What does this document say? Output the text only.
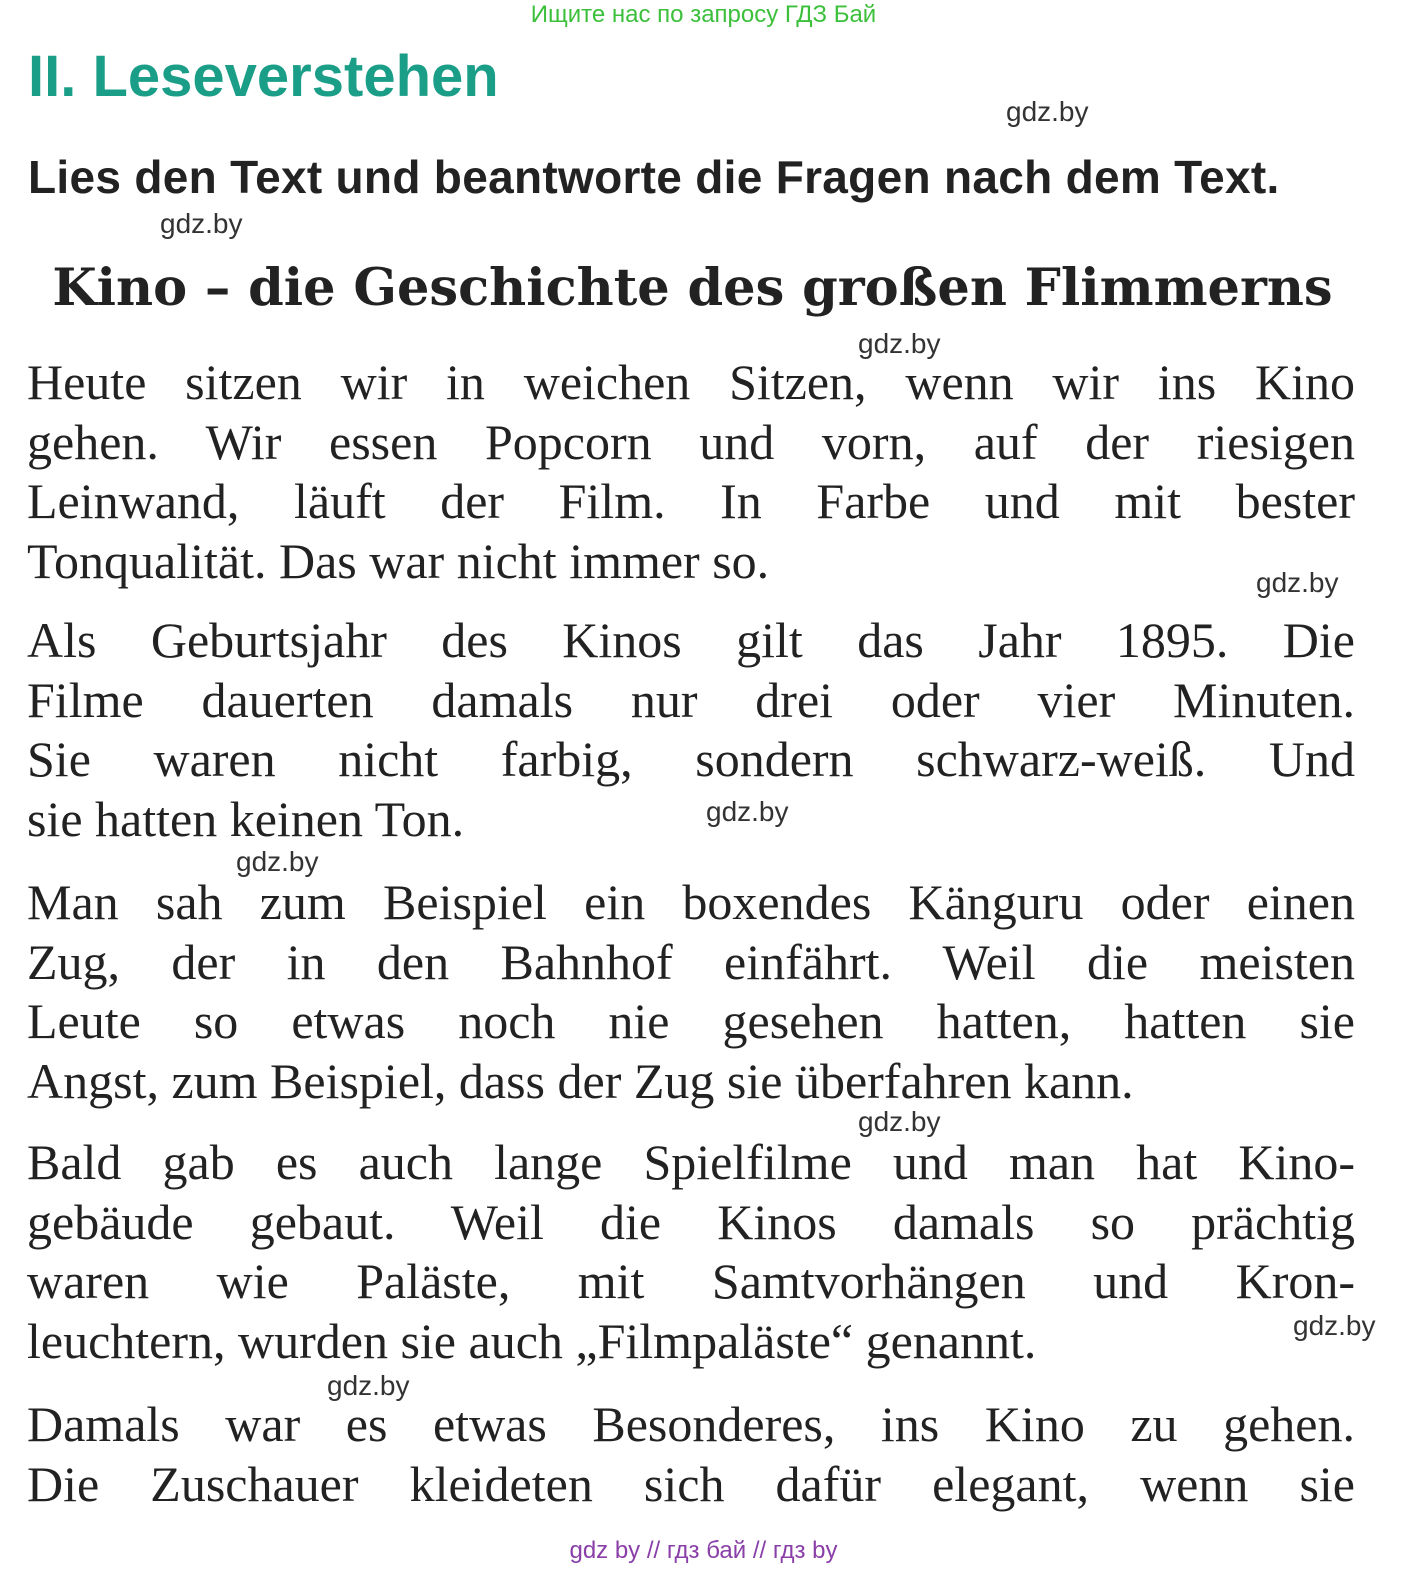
Ищите нас по запросу ГДЗ Бай
II. Leseverstehen
gdz.by
Lies den Text und beantworte die Fragen nach dem Text.
gdz.by
Kino – die Geschichte des großen Flimmerns
gdz.by
Heute sitzen wir in weichen Sitzen, wenn wir ins Kino
gehen. Wir essen Popcorn und vorn, auf der riesigen
Leinwand, läuft der Film. In Farbe und mit bester
Tonqualität. Das war nicht immer so.	gdz.by
Als Geburtsjahr des Kinos gilt das Jahr 1895. Die
Filme dauerten damals nur drei oder vier Minuten.
Sie waren nicht farbig, sondern schwarz-weiß. Und
sie hatten keinen Ton.	gdz.by
gdz.by
Man sah zum Beispiel ein boxendes Känguru oder einen
Zug, der in den Bahnhof einfährt. Weil die meisten
Leute so etwas noch nie gesehen hatten, hatten sie
Angst, zum Beispiel, dass der Zug sie überfahren kann.
gdz.by
Bald gab es auch lange Spielfilme und man hat Kino-
gebäude gebaut. Weil die Kinos damals so prächtig
waren wie Paläste, mit Samtvorhängen und Kron-
leuchtern, wurden sie auch „Filmpaläste“ genannt.	gdz.by
gdz.by
Damals war es etwas Besonderes, ins Kino zu gehen.
Die Zuschauer kleideten sich dafür elegant, wenn sie
gdz by // гдз бай // гдз by
